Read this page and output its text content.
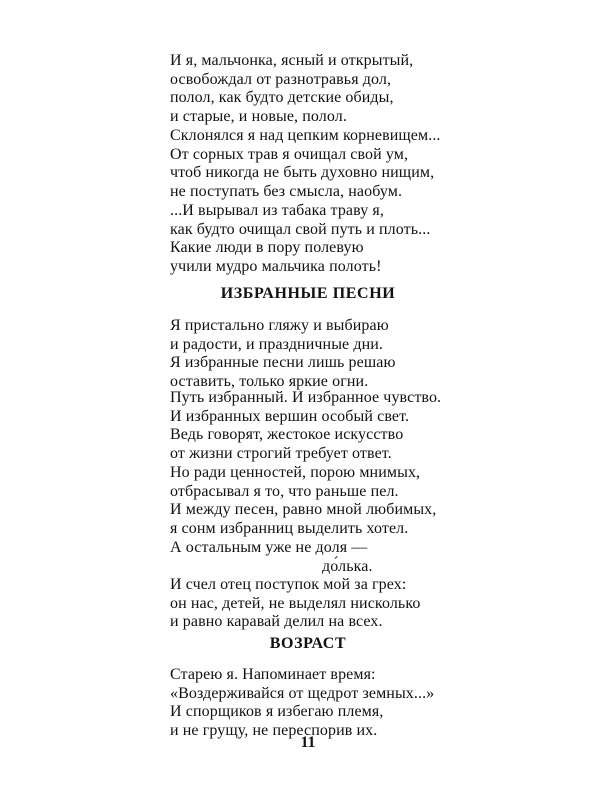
И я, мальчонка, ясный и открытый,
освобождал от разнотравья дол,
полол, как будто детские обиды,
и старые, и новые, полол.
Склонялся я над цепким корневищем...
От сорных трав я очищал свой ум,
чтоб никогда не быть духовно нищим,
не поступать без смысла, наобум.
...И вырывал из табака траву я,
как будто очищал свой путь и плоть...
Какие люди в пору полевую
учили мудро мальчика полоть!
ИЗБРАННЫЕ ПЕСНИ
Я пристально гляжу и выбираю
и радости, и праздничные дни.
Я избранные песни лишь решаю
оставить, только яркие огни.
Путь избранный. И избранное чувство.
И избранных вершин особый свет.
Ведь говорят, жестокое искусство
от жизни строгий требует ответ.
Но ради ценностей, порою мнимых,
отбрасывал я то, что раньше пел.
И между песен, равно мной любимых,
я сонм избранниц выделить хотел.
А остальным уже не доля —
до́лька.
И счел отец поступок мой за грех:
он нас, детей, не выделял нисколько
и равно каравай делил на всех.
ВОЗРАСТ
Старею я. Напоминает время:
«Воздерживайся от щедрот земных...»
И спорщиков я избегаю племя,
и не грущу, не переспорив их.
11
